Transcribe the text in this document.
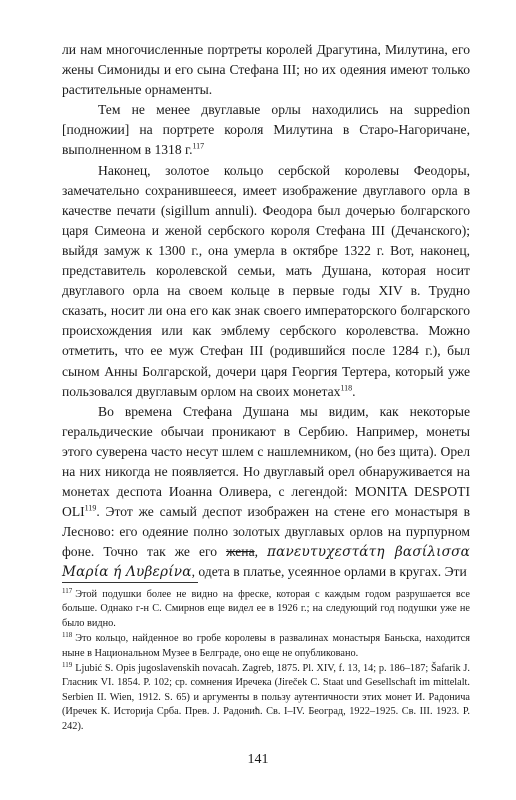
ли нам многочисленные портреты королей Драгутина, Милутина, его жены Симониды и его сына Стефана III; но их одеяния имеют только растительные орнаменты.

Тем не менее двуглавые орлы находились на suppedion [подножии] на портрете короля Милутина в Старо-Нагоричане, выполненном в 1318 г.$^{117}$

Наконец, золотое кольцо сербской королевы Феодоры, замечательно сохранившееся, имеет изображение двуглавого орла в качестве печати (sigillum annuli). Феодора был дочерью болгарского царя Симеона и женой сербского короля Стефана III (Дечанского); выйдя замуж к 1300 г., она умерла в октябре 1322 г. Вот, наконец, представитель королевской семьи, мать Душана, которая носит двуглавого орла на своем кольце в первые годы XIV в. Трудно сказать, носит ли она его как знак своего императорского болгарского происхождения или как эмблему сербского королевства. Можно отметить, что ее муж Стефан III (родившийся после 1284 г.), был сыном Анны Болгарской, дочери царя Георгия Тертера, который уже пользовался двуглавым орлом на своих монетах$^{118}$.

Во времена Стефана Душана мы видим, как некоторые геральдические обычаи проникают в Сербию. Например, монеты этого суверена часто несут шлем с нашлемником, (но без щита). Орел на них никогда не появляется. Но двуглавый орел обнаруживается на монетах деспота Иоанна Оливера, с легендой: MONITA DESPOTI OLI$^{119}$. Этот же самый деспот изображен на стене его монастыря в Лесново: его одеяние полно золотых двуглавых орлов на пурпурном фоне. Точно так же его жена, πανευτυχεστάτη βασίλισσα Μαρία ή Λυβερίνα, одета в платье, усеянное орлами в кругах. Эти

$^{117}$ Этой подушки более не видно на фреске, которая с каждым годом разрушается все больше. Однако г-н С. Смирнов еще видел ее в 1926 г.; на следующий год подушки уже не было видно.

$^{118}$ Это кольцо, найденное во гробе королевы в развалинах монастыря Баньска, находится ныне в Национальном Музее в Белграде, оно еще не опубликовано.

$^{119}$ Ljubić S. Opis jugoslavenskih novacah. Zagreb, 1875. Pl. XIV, f. 13, 14; p. 186–187; Šafarik J. Гласник VI. 1854. P. 102; ср. сомнения Иречека (Jireček C. Staat und Gesellschaft im mittelalt. Serbien II. Wien, 1912. S. 65) и аргументы в пользу аутентичности этих монет И. Радонича (Иречек К. Историја Срба. Прев. Ј. Радонић. Св. I–IV. Београд, 1922–1925. Св. III. 1923. P. 242).

141
